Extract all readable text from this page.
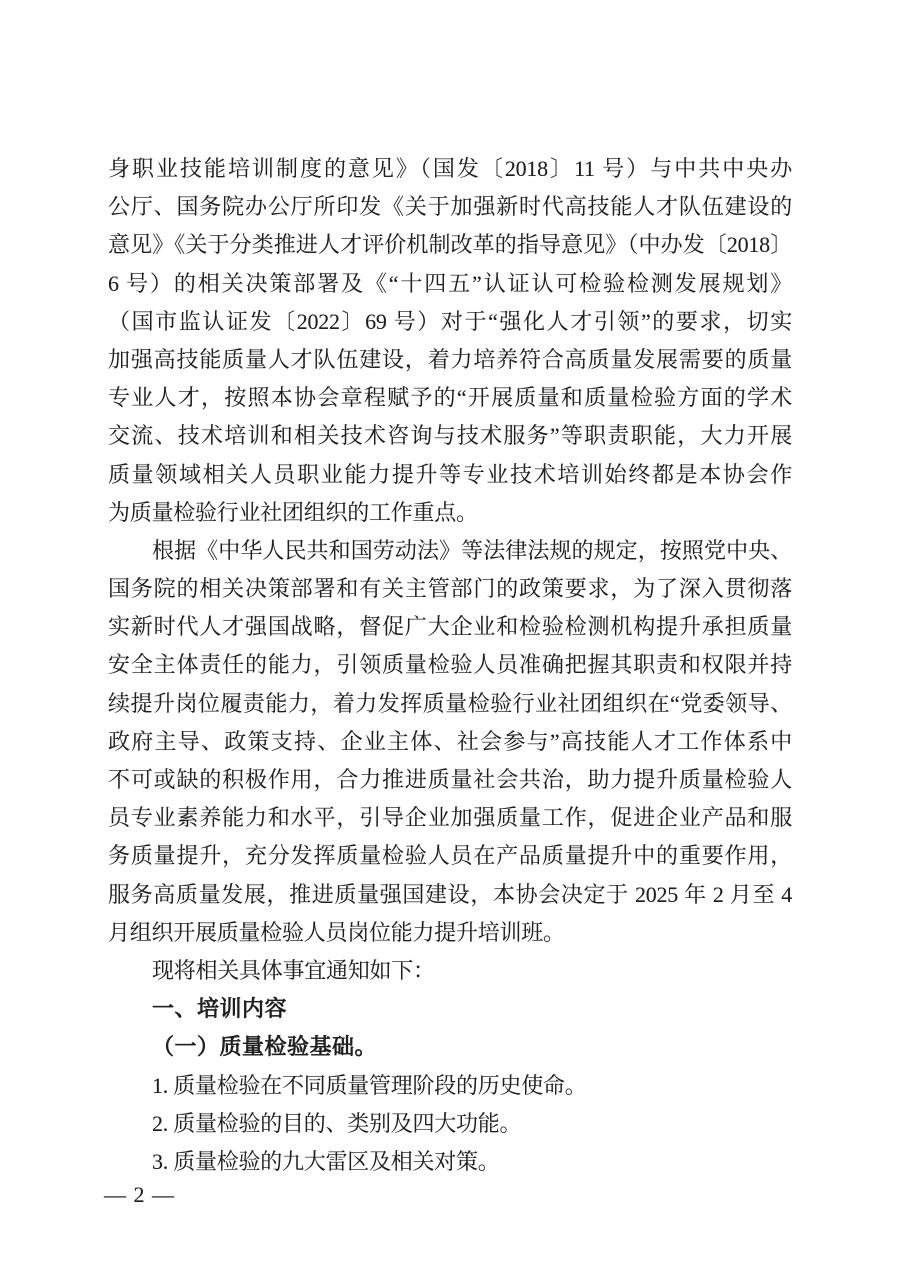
身职业技能培训制度的意见》（国发〔2018〕11 号）与中共中央办
公厅、国务院办公厅所印发《关于加强新时代高技能人才队伍建设的
意见》《关于分类推进人才评价机制改革的指导意见》（中办发〔2018〕
6 号）的相关决策部署及《“十四五”认证认可检验检测发展规划》
（国市监认证发〔2022〕69 号）对于“强化人才引领”的要求，切实
加强高技能质量人才队伍建设，着力培养符合高质量发展需要的质量
专业人才，按照本协会章程赋予的“开展质量和质量检验方面的学术
交流、技术培训和相关技术咨询与技术服务”等职责职能，大力开展
质量领域相关人员职业能力提升等专业技术培训始终都是本协会作
为质量检验行业社团组织的工作重点。
根据《中华人民共和国劳动法》等法律法规的规定，按照党中央、
国务院的相关决策部署和有关主管部门的政策要求，为了深入贯彻落
实新时代人才强国战略，督促广大企业和检验检测机构提升承担质量
安全主体责任的能力，引领质量检验人员准确把握其职责和权限并持
续提升岗位履责能力，着力发挥质量检验行业社团组织在“党委领导、
政府主导、政策支持、企业主体、社会参与”高技能人才工作体系中
不可或缺的积极作用，合力推进质量社会共治，助力提升质量检验人
员专业素养能力和水平，引导企业加强质量工作，促进企业产品和服
务质量提升，充分发挥质量检验人员在产品质量提升中的重要作用，
服务高质量发展，推进质量强国建设，本协会决定于 2025 年 2 月至 4
月组织开展质量检验人员岗位能力提升培训班。
现将相关具体事宜通知如下：
一、培训内容
（一）质量检验基础。
1. 质量检验在不同质量管理阶段的历史使命。
2. 质量检验的目的、类别及四大功能。
3. 质量检验的九大雷区及相关对策。
— 2 —
